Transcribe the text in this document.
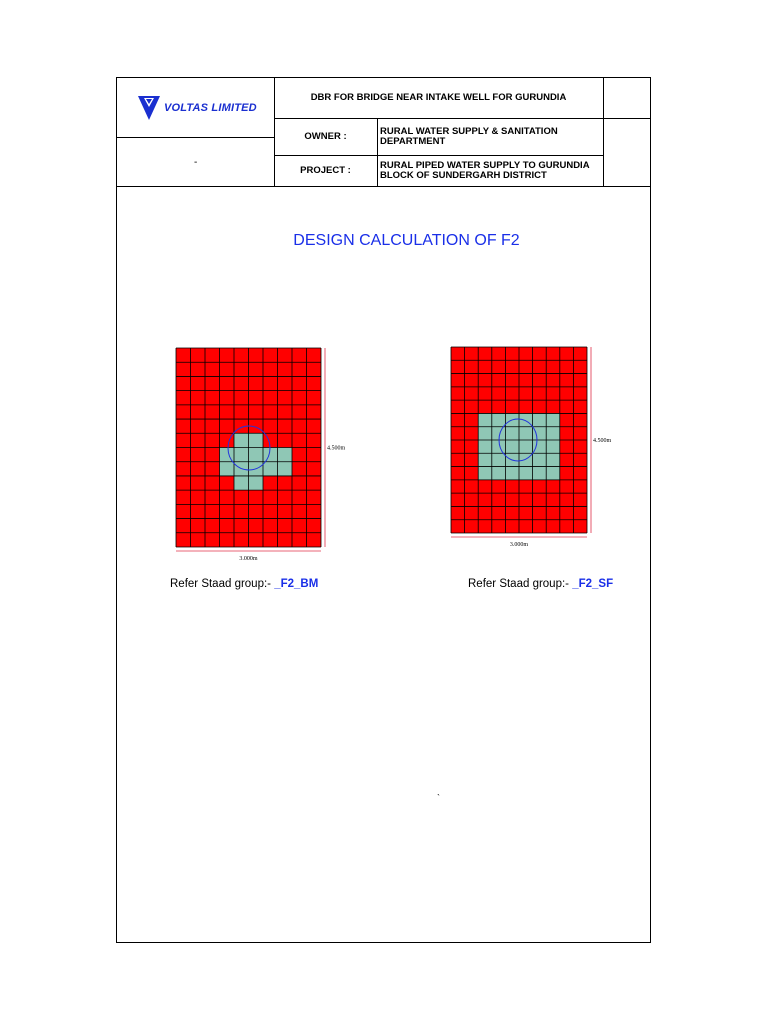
VOLTAS LIMITED
-
DBR FOR BRIDGE NEAR INTAKE WELL FOR GURUNDIA
OWNER :	RURAL WATER SUPPLY & SANITATION DEPARTMENT
PROJECT :	RURAL PIPED WATER SUPPLY TO GURUNDIA BLOCK OF SUNDERGARH DISTRICT
DESIGN CALCULATION OF F2
3.000m
4.500m
3.000m
4.500m
Refer Staad group:- _F2_BM	Refer Staad group:- _F2_SF
`
